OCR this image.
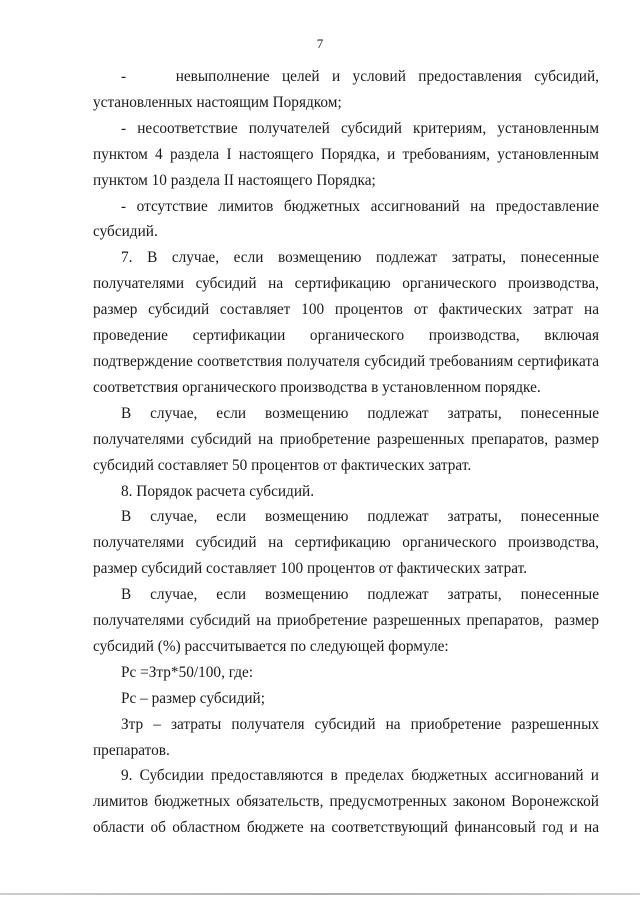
7

-    невыполнение целей и условий предоставления субсидий, установленных настоящим Порядком;

- несоответствие получателей субсидий критериям, установленным пунктом 4 раздела I настоящего Порядка, и требованиям, установленным пунктом 10 раздела II настоящего Порядка;

- отсутствие лимитов бюджетных ассигнований на предоставление субсидий.

7. В случае, если возмещению подлежат затраты, понесенные получателями субсидий на сертификацию органического производства, размер субсидий составляет 100 процентов от фактических затрат на проведение сертификации органического производства, включая подтверждение соответствия получателя субсидий требованиям сертификата соответствия органического производства в установленном порядке.

В случае, если возмещению подлежат затраты, понесенные получателями субсидий на приобретение разрешенных препаратов, размер субсидий составляет 50 процентов от фактических затрат.

8. Порядок расчета субсидий.

В случае, если возмещению подлежат затраты, понесенные получателями субсидий на сертификацию органического производства, размер субсидий составляет 100 процентов от фактических затрат.

В случае, если возмещению подлежат затраты, понесенные получателями субсидий на приобретение разрешенных препаратов,  размер субсидий (%) рассчитывается по следующей формуле:

Рс =Зтр*50/100, где:

Рс – размер субсидий;

Зтр – затраты получателя субсидий на приобретение разрешенных препаратов.

9. Субсидии предоставляются в пределах бюджетных ассигнований и лимитов бюджетных обязательств, предусмотренных законом Воронежской области об областном бюджете на соответствующий финансовый год и на
